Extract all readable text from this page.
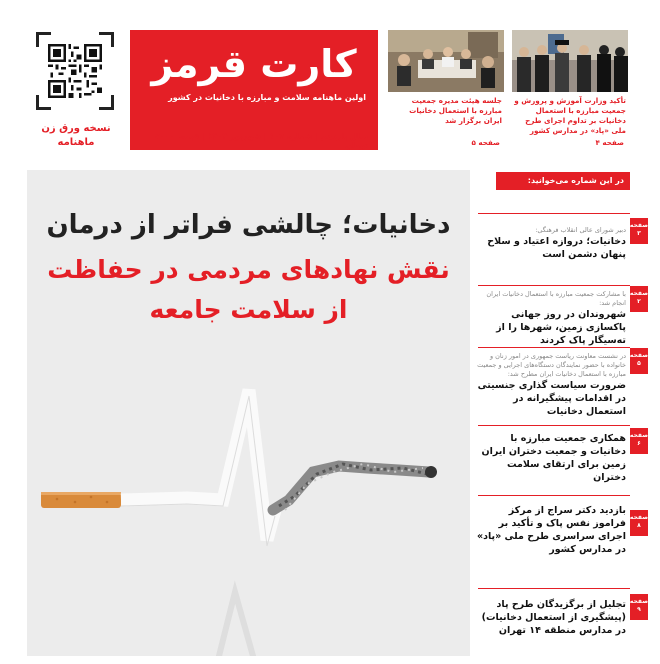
نسخه ورق زن
ماهنامه
کارت قرمز
اولین ماهنامه سلامت و مبارزه با دخانیات در کشور
سال یازدهم | شماره ۱۰۷ | شهریور ۱۴۰۴ | قیمت ۲۰۰۰ تومان
جلسه هیئت مدیره جمعیت مبارزه با استعمال دخانیات ایران برگزار شد
صفحه ۵
تأکید وزارت آموزش و پرورش و جمعیت مبارزه با استعمال دخانیات بر تداوم اجرای طرح ملی «پاد» در مدارس کشور
صفحه ۴
دخانیات؛ چالشی فراتر از درمان
نقش نهادهای مردمی در حفاظت
از سلامت جامعه
در این شماره می‌خوانید:
دبیر شورای عالی انقلاب فرهنگی:
دخانیات؛ دروازه اعتیاد و سلاح پنهان دشمن است
صفحه ۳
با مشارکت جمعیت مبارزه با استعمال دخانیات ایران انجام شد:
شهروندان در روز جهانی پاکسازی زمین، شهرها را از ته‌سیگار پاک کردند
صفحه ۲
در نشست معاونت ریاست جمهوری در امور زنان و خانواده با حضور نمایندگان دستگاه‌های اجرایی و جمعیت مبارزه با استعمال دخانیات ایران مطرح شد:
ضرورت سیاست گذاری جنسیتی در اقدامات پیشگیرانه در استعمال دخانیات
صفحه ۵
همکاری جمعیت مبارزه با دخانیات و جمعیت دختران ایران زمین برای ارتقای سلامت دختران
صفحه ۶
بازدید دکتر سراج از مرکز فراموز نفس پاک و تأکید بر اجرای سراسری طرح ملی «پاد» در مدارس کشور
صفحه ۸
تجلیل از برگزیدگان طرح پاد (پیشگیری از استعمال دخانیات) در مدارس منطقه ۱۴ تهران
صفحه ۹
